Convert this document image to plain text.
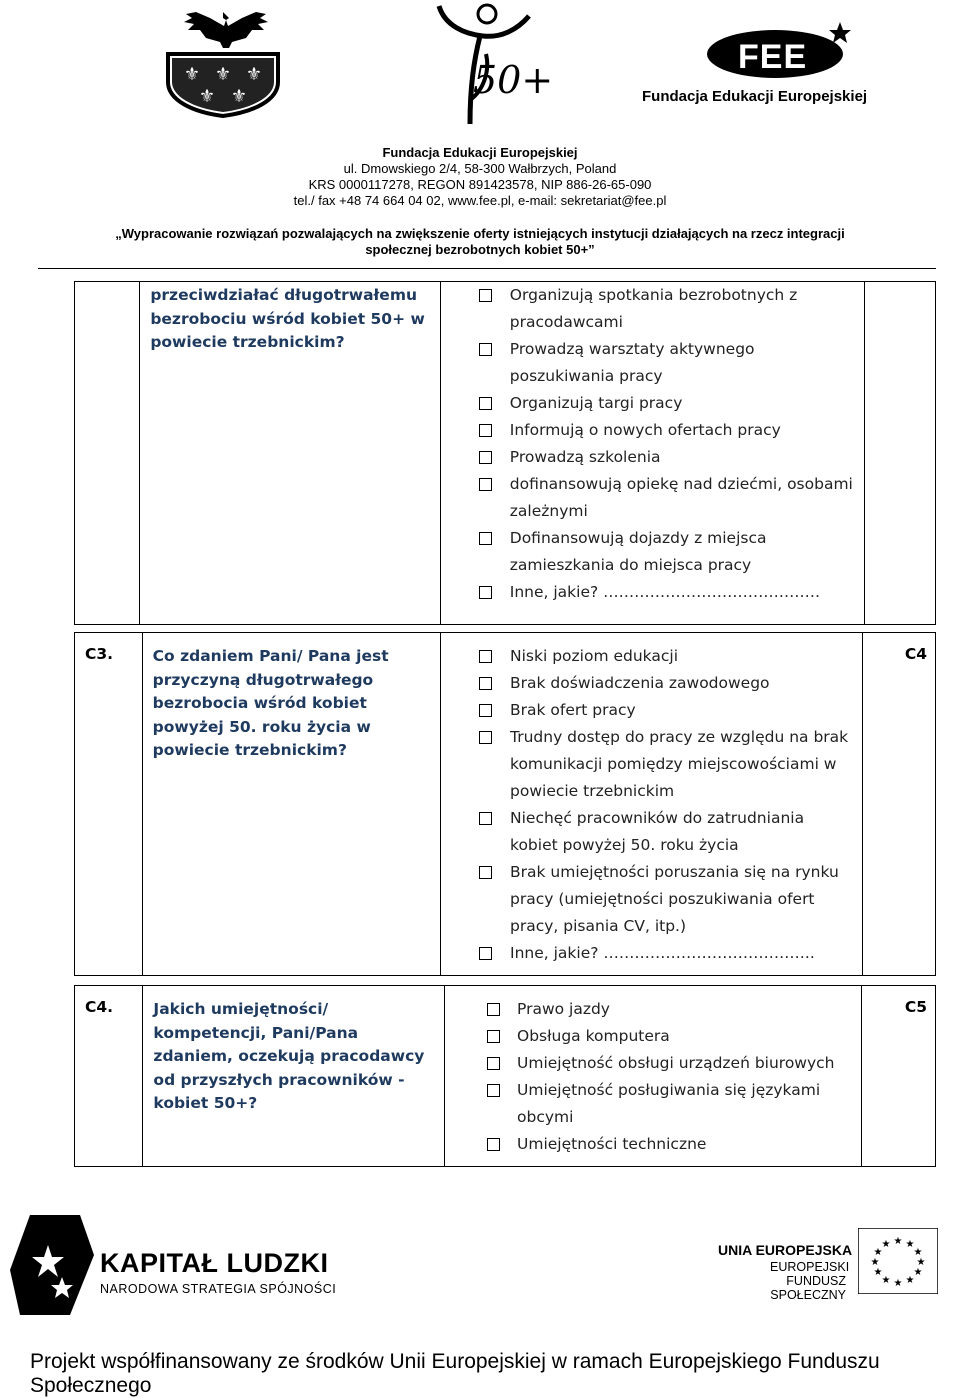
⚜ ⚜ ⚜
⚜ ⚜	50+
FEE
Fundacja Edukacji Europejskiej
Fundacja Edukacji Europejskiej
ul. Dmowskiego 2/4, 58-300 Wałbrzych, Poland
KRS 0000117278, REGON 891423578, NIP 886-26-65-090
tel./ fax +48 74 664 04 02, www.fee.pl, e-mail: sekretariat@fee.pl
„Wypracowanie rozwiązań pozwalających na zwiększenie oferty istniejących instytucji działających na rzecz integracji
społecznej bezrobotnych kobiet 50+”
	przeciwdziałać długotrwałemu bezrobociu wśród kobiet 50+ w powiecie trzebnickim?	
Organizują spotkania bezrobotnych z pracodawcami
Prowadzą warsztaty aktywnego poszukiwania pracy
Organizują targi pracy
Informują o nowych ofertach pracy
Prowadzą szkolenia
dofinansowują opiekę nad dziećmi, osobami zależnymi
Dofinansowują dojazdy z miejsca zamieszkania do miejsca pracy
Inne, jakie? ……………………………………

C3.	Co zdaniem Pani/ Pana jest przyczyną długotrwałego bezrobocia wśród kobiet powyżej 50. roku życia w powiecie trzebnickim?	
Niski poziom edukacji
Brak doświadczenia zawodowego
Brak ofert pracy
Trudny dostęp do pracy ze względu na brak komunikacji pomiędzy miejscowościami w powiecie trzebnickim
Niechęć pracowników do zatrudniania kobiet powyżej 50. roku życia
Brak umiejętności poruszania się na rynku pracy (umiejętności poszukiwania ofert pracy, pisania CV, itp.)
Inne, jakie? …………………………………..
	C4
C4.	Jakich umiejętności/ kompetencji, Pani/Pana zdaniem, oczekują pracodawcy od przyszłych pracowników - kobiet 50+?	
Prawo jazdy
Obsługa komputera
Umiejętność obsługi urządzeń biurowych
Umiejętność posługiwania się językami obcymi
Umiejętności techniczne
	C5
KAPITAŁ LUDZKI
NARODOWA STRATEGIA SPÓJNOŚCI
UNIA EUROPEJSKA
EUROPEJSKI
FUNDUSZ SPOŁECZNY
★ ★
★
★
★
★
★
★
★
★
★
★
Projekt współfinansowany ze środków Unii Europejskiej w ramach Europejskiego Funduszu Społecznego
